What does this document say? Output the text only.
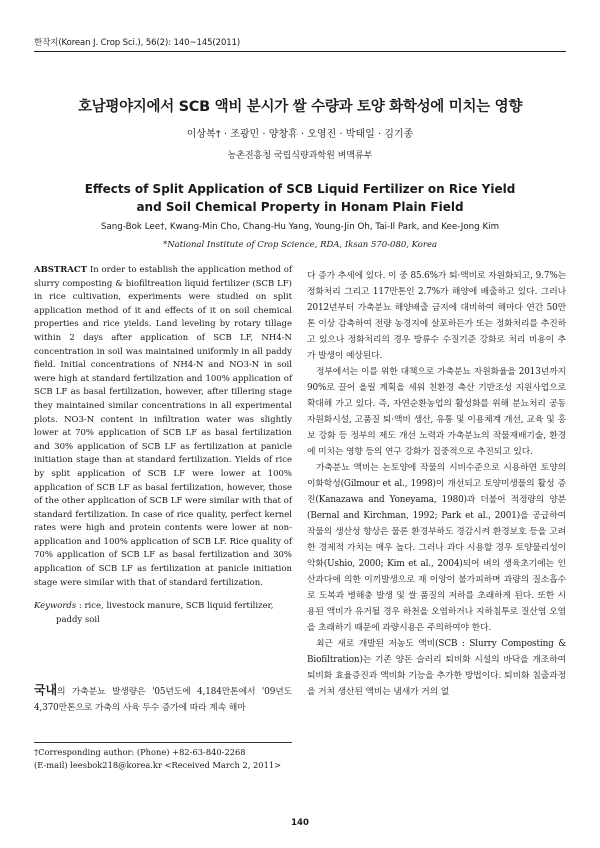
한작지(Korean J. Crop Sci.), 56(2): 140~145(2011)
호남평야지에서 SCB 액비 분시가 쌀 수량과 토양 화학성에 미치는 영향
이상복† · 조광민 · 양창휴 · 오영진 · 박태일 · 김기종
농촌진흥청 국립식량과학원 벼맥류부
Effects of Split Application of SCB Liquid Fertilizer on Rice Yield
and Soil Chemical Property in Honam Plain Field
Sang-Bok Lee†, Kwang-Min Cho, Chang-Hu Yang, Young-Jin Oh, Tai-Il Park, and Kee-Jong Kim
*National Institute of Crop Science, RDA, Iksan 570-080, Korea
ABSTRACT In order to establish the application method of slurry composting & biofiltreation liquid fertilizer (SCB LF) in rice cultivation, experiments were studied on split application method of it and effects of it on soil chemical properties and rice yields. Land leveling by rotary tillage within 2 days after application of SCB LF, NH4-N concentration in soil was maintained uniformly in all paddy field. Initial concentrations of NH4-N and NO3-N in soil were high at standard fertilization and 100% application of SCB LF as basal fertilization, however, after tillering stage they maintained similar concentrations in all experimental plots. NO3-N content in infiltration water was slightly lower at 70% application of SCB LF as basal fertilization and 30% application of SCB LF as fertilization at panicle initiation stage than at standard fertilization. Yields of rice by split application of SCB LF were lower at 100% application of SCB LF as basal fertilization, however, those of the other application of SCB LF were similar with that of standard fertilization. In case of rice quality, perfect kernel rates were high and protein contents were lower at non-application and 100% application of SCB LF. Rice quality of 70% application of SCB LF as basal fertilization and 30% application of SCB LF as fertilization at panicle initiation stage were similar with that of standard fertilization.
Keywords : rice, livestock manure, SCB liquid fertilizer, paddy soil
국내의 가축분뇨 발생량은 '05년도에 4,184만톤에서 '09년도 4,370만톤으로 가축의 사육 두수 증가에 따라 계속 해마

†Corresponding author: (Phone) +82-63-840-2268

(E-mail) leesbok218@korea.kr <Received March 2, 2011>

다 증가 추세에 있다. 이 중 85.6%가 퇴·액비로 자원화되고, 9.7%는 정화처리 그리고 117만톤인 2.7%가 해양에 배출하고 있다. 그러나 2012년부터 가축분뇨 해양배출 금지에 대비하여 해마다 연간 50만톤 이상 감축하여 전량 농경지에 살포하든가 또는 정화처리를 추진하고 있으나 정화처리의 경우 방류수 수질기준 강화로 처리 비용이 추가 발생이 예상된다.

정부에서는 이를 위한 대책으로 가축분뇨 자원화율을 2013년까지 90%로 끌어 올릴 계획을 세워 친환경 축산 기반조성 지원사업으로 확대해 가고 있다. 즉, 자연순환농업의 활성화를 위해 분뇨처리 공동자원화시설, 고품질 퇴·액비 생산, 유통 및 이용체계 개선, 교육 및 홍보 강화 등 정부의 제도 개선 노력과 가축분뇨의 작물재배기술, 환경에 미치는 영향 등의 연구 강화가 집중적으로 추진되고 있다.

가축분뇨 액비는 논토양에 작물의 시비수준으로 시용하면 토양의 이화학성(Gilmour et al., 1998)이 개선되고 토양미생물의 활성 증진(Kanazawa and Yoneyama, 1980)과 더불어 적정량의 양분(Bernal and Kirchman, 1992; Park et al., 2001)을 공급하여 작물의 생산성 향상은 물론 환경부하도 경감시켜 환경보호 등을 고려한 경제적 가치는 매우 높다. 그러나 과다 시용할 경우 토양물리성이 악화(Ushio, 2000; Kim et al., 2004)되어 벼의 생육초기에는 인산과다에 의한 이끼발생으로 재 이앙이 불가피하며 과량의 질소흡수로 도복과 병해충 발생 및 쌀 품질의 저하를 초래하게 된다. 또한 시용된 액비가 유거될 경우 하천을 오염하거나 지하침투로 질산염 오염을 초래하기 때문에 과량시용은 주의하여야 한다.

최근 새로 개발된 저농도 액비(SCB : Slurry Composting & Biofiltration)는 기존 양돈 슬러리 퇴비화 시설의 바닥을 개조하여 퇴비화 효율증진과 액비화 기능을 추가한 방법이다. 퇴비화 침출과정을 거쳐 생산된 액비는 냄새가 거의 없

140
